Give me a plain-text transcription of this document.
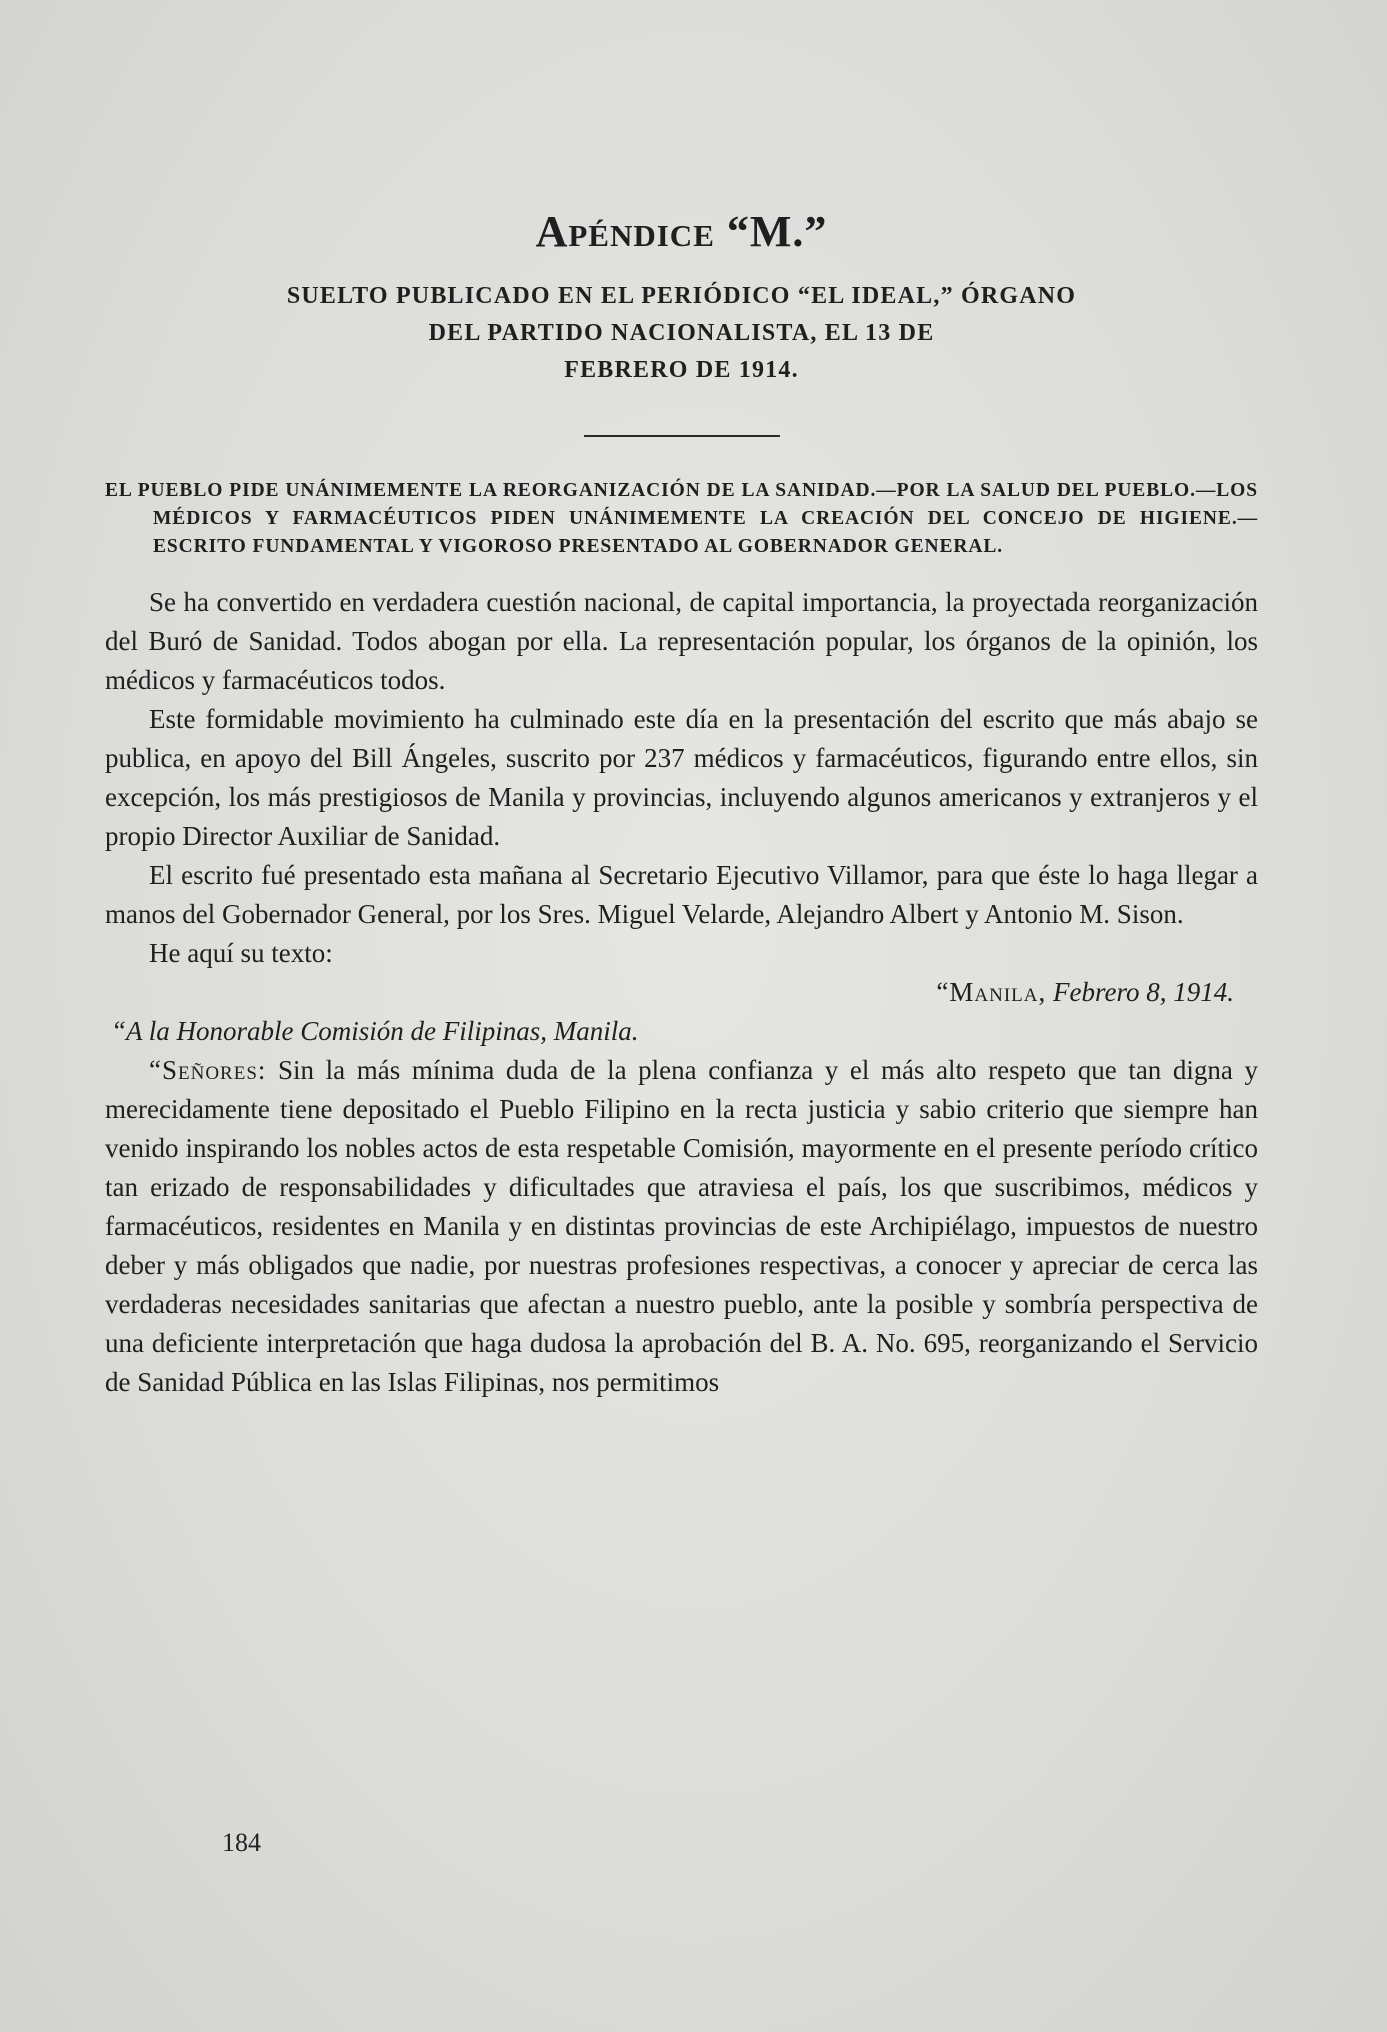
Apéndice “M.”
SUELTO PUBLICADO EN EL PERIÓDICO “EL IDEAL,” ÓRGANO
DEL PARTIDO NACIONALISTA, EL 13 DE
FEBRERO DE 1914.
EL PUEBLO PIDE UNÁNIMEMENTE LA REORGANIZACIÓN DE LA SANIDAD.—POR LA SALUD DEL PUEBLO.—LOS MÉDICOS Y FARMACÉUTICOS PIDEN UNÁNIMEMENTE LA CREACIÓN DEL CONCEJO DE HIGIENE.—ESCRITO FUNDAMENTAL Y VIGOROSO PRESENTADO AL GOBERNADOR GENERAL.

Se ha convertido en verdadera cuestión nacional, de capital importancia, la proyectada reorganización del Buró de Sanidad. Todos abogan por ella. La representación popular, los órganos de la opinión, los médicos y farmacéuticos todos.

Este formidable movimiento ha culminado este día en la presentación del escrito que más abajo se publica, en apoyo del Bill Ángeles, suscrito por 237 médicos y farmacéuticos, figurando entre ellos, sin excepción, los más prestigiosos de Manila y provincias, incluyendo algunos americanos y extranjeros y el propio Director Auxiliar de Sanidad.

El escrito fué presentado esta mañana al Secretario Ejecutivo Villamor, para que éste lo haga llegar a manos del Gobernador General, por los Sres. Miguel Velarde, Alejandro Albert y Antonio M. Sison.

He aquí su texto:

“Manila, Febrero 8, 1914.
“A la Honorable Comisión de Filipinas, Manila.

“Señores: Sin la más mínima duda de la plena confianza y el más alto respeto que tan digna y merecidamente tiene depositado el Pueblo Filipino en la recta justicia y sabio criterio que siempre han venido inspirando los nobles actos de esta respetable Comisión, mayormente en el presente período crítico tan erizado de responsabilidades y dificultades que atraviesa el país, los que suscribimos, médicos y farmacéuticos, residentes en Manila y en distintas provincias de este Archipiélago, impuestos de nuestro deber y más obligados que nadie, por nuestras profesiones respectivas, a conocer y apreciar de cerca las verdaderas necesidades sanitarias que afectan a nuestro pueblo, ante la posible y sombría perspectiva de una deficiente interpretación que haga dudosa la aprobación del B. A. No. 695, reorganizando el Servicio de Sanidad Pública en las Islas Filipinas, nos permitimos

184
